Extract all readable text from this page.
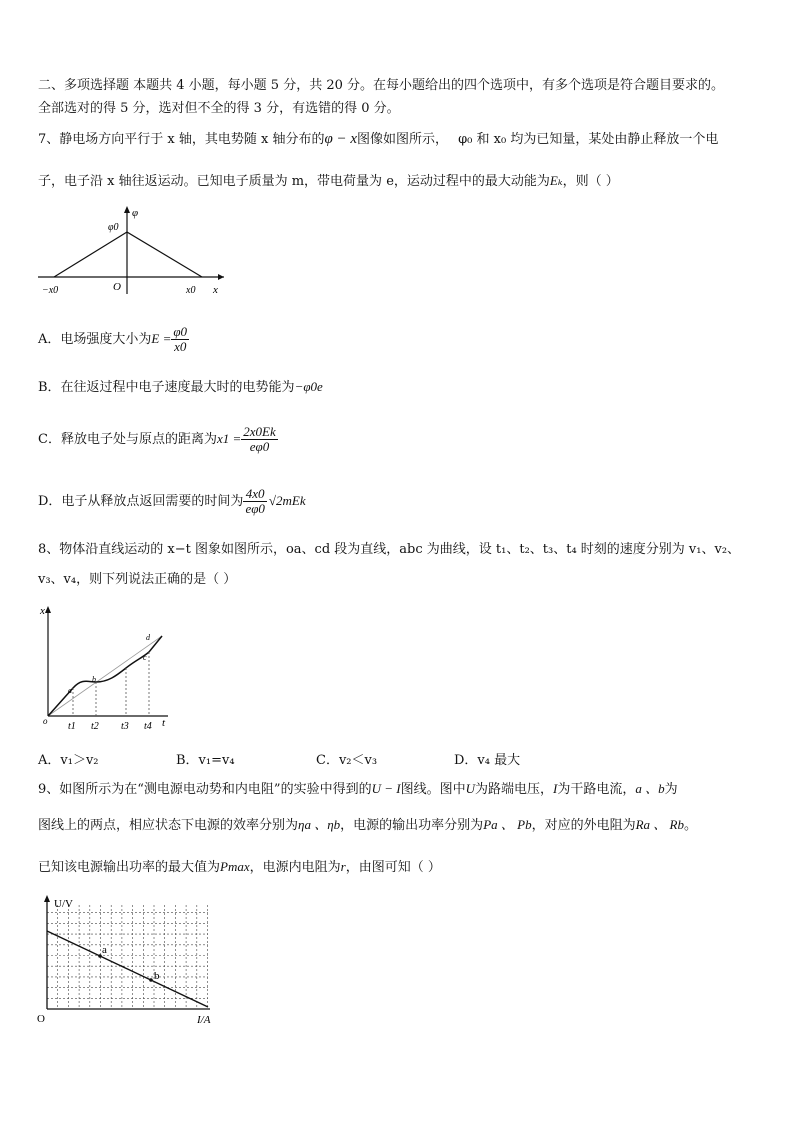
二、多项选择题 本题共 4 小题，每小题 5 分，共 20 分。在每小题给出的四个选项中，有多个选项是符合题目要求的。
全部选对的得 5 分，选对但不全的得 3 分，有选错的得 0 分。
7、静电场方向平行于 x 轴，其电势随 x 轴分布的φ − x图像如图所示， φ₀ 和 x₀ 均为已知量，某处由静止释放一个电
子，电子沿 x 轴往返运动。已知电子质量为 m，带电荷量为 e，运动过程中的最大动能为Eₖ，则（ ）
φ
φ0
O
−x0	x0 x
A．电场强度大小为$E = \frac{\varphi 0}{x0}$
B．在往返过程中电子速度最大时的电势能为−φ0e
C．释放电子处与原点的距离为$x1 = \frac{2x0Ek}{e\varphi 0}$
D．电子从释放点返回需要的时间为 $\frac{4x0}{e\varphi 0} √2mEk$
8、物体沿直线运动的 x−t 图象如图所示，oa、cd 段为直线，abc 为曲线，设 t₁、t₂、t₃、t₄ 时刻的速度分别为 v₁、v₂、
v₃、v₄，则下列说法正确的是（ ）
x
t
o
a
b
c
d
t1 t2 t3 t4
A．v₁＞v₂	B．v₁=v₄	C．v₂＜v₃	D．v₄ 最大
9、如图所示为在“测电源电动势和内电阻”的实验中得到的U − I图线。图中U为路端电压，I为干路电流，a 、b为
图线上的两点，相应状态下电源的效率分别为ηa 、ηb，电源的输出功率分别为Pa 、 Pb，对应的外电阻为Ra 、 Rb。
已知该电源输出功率的最大值为Pmax，电源内电阻为r，由图可知（ ）
U/V
I/A
O
a
b
